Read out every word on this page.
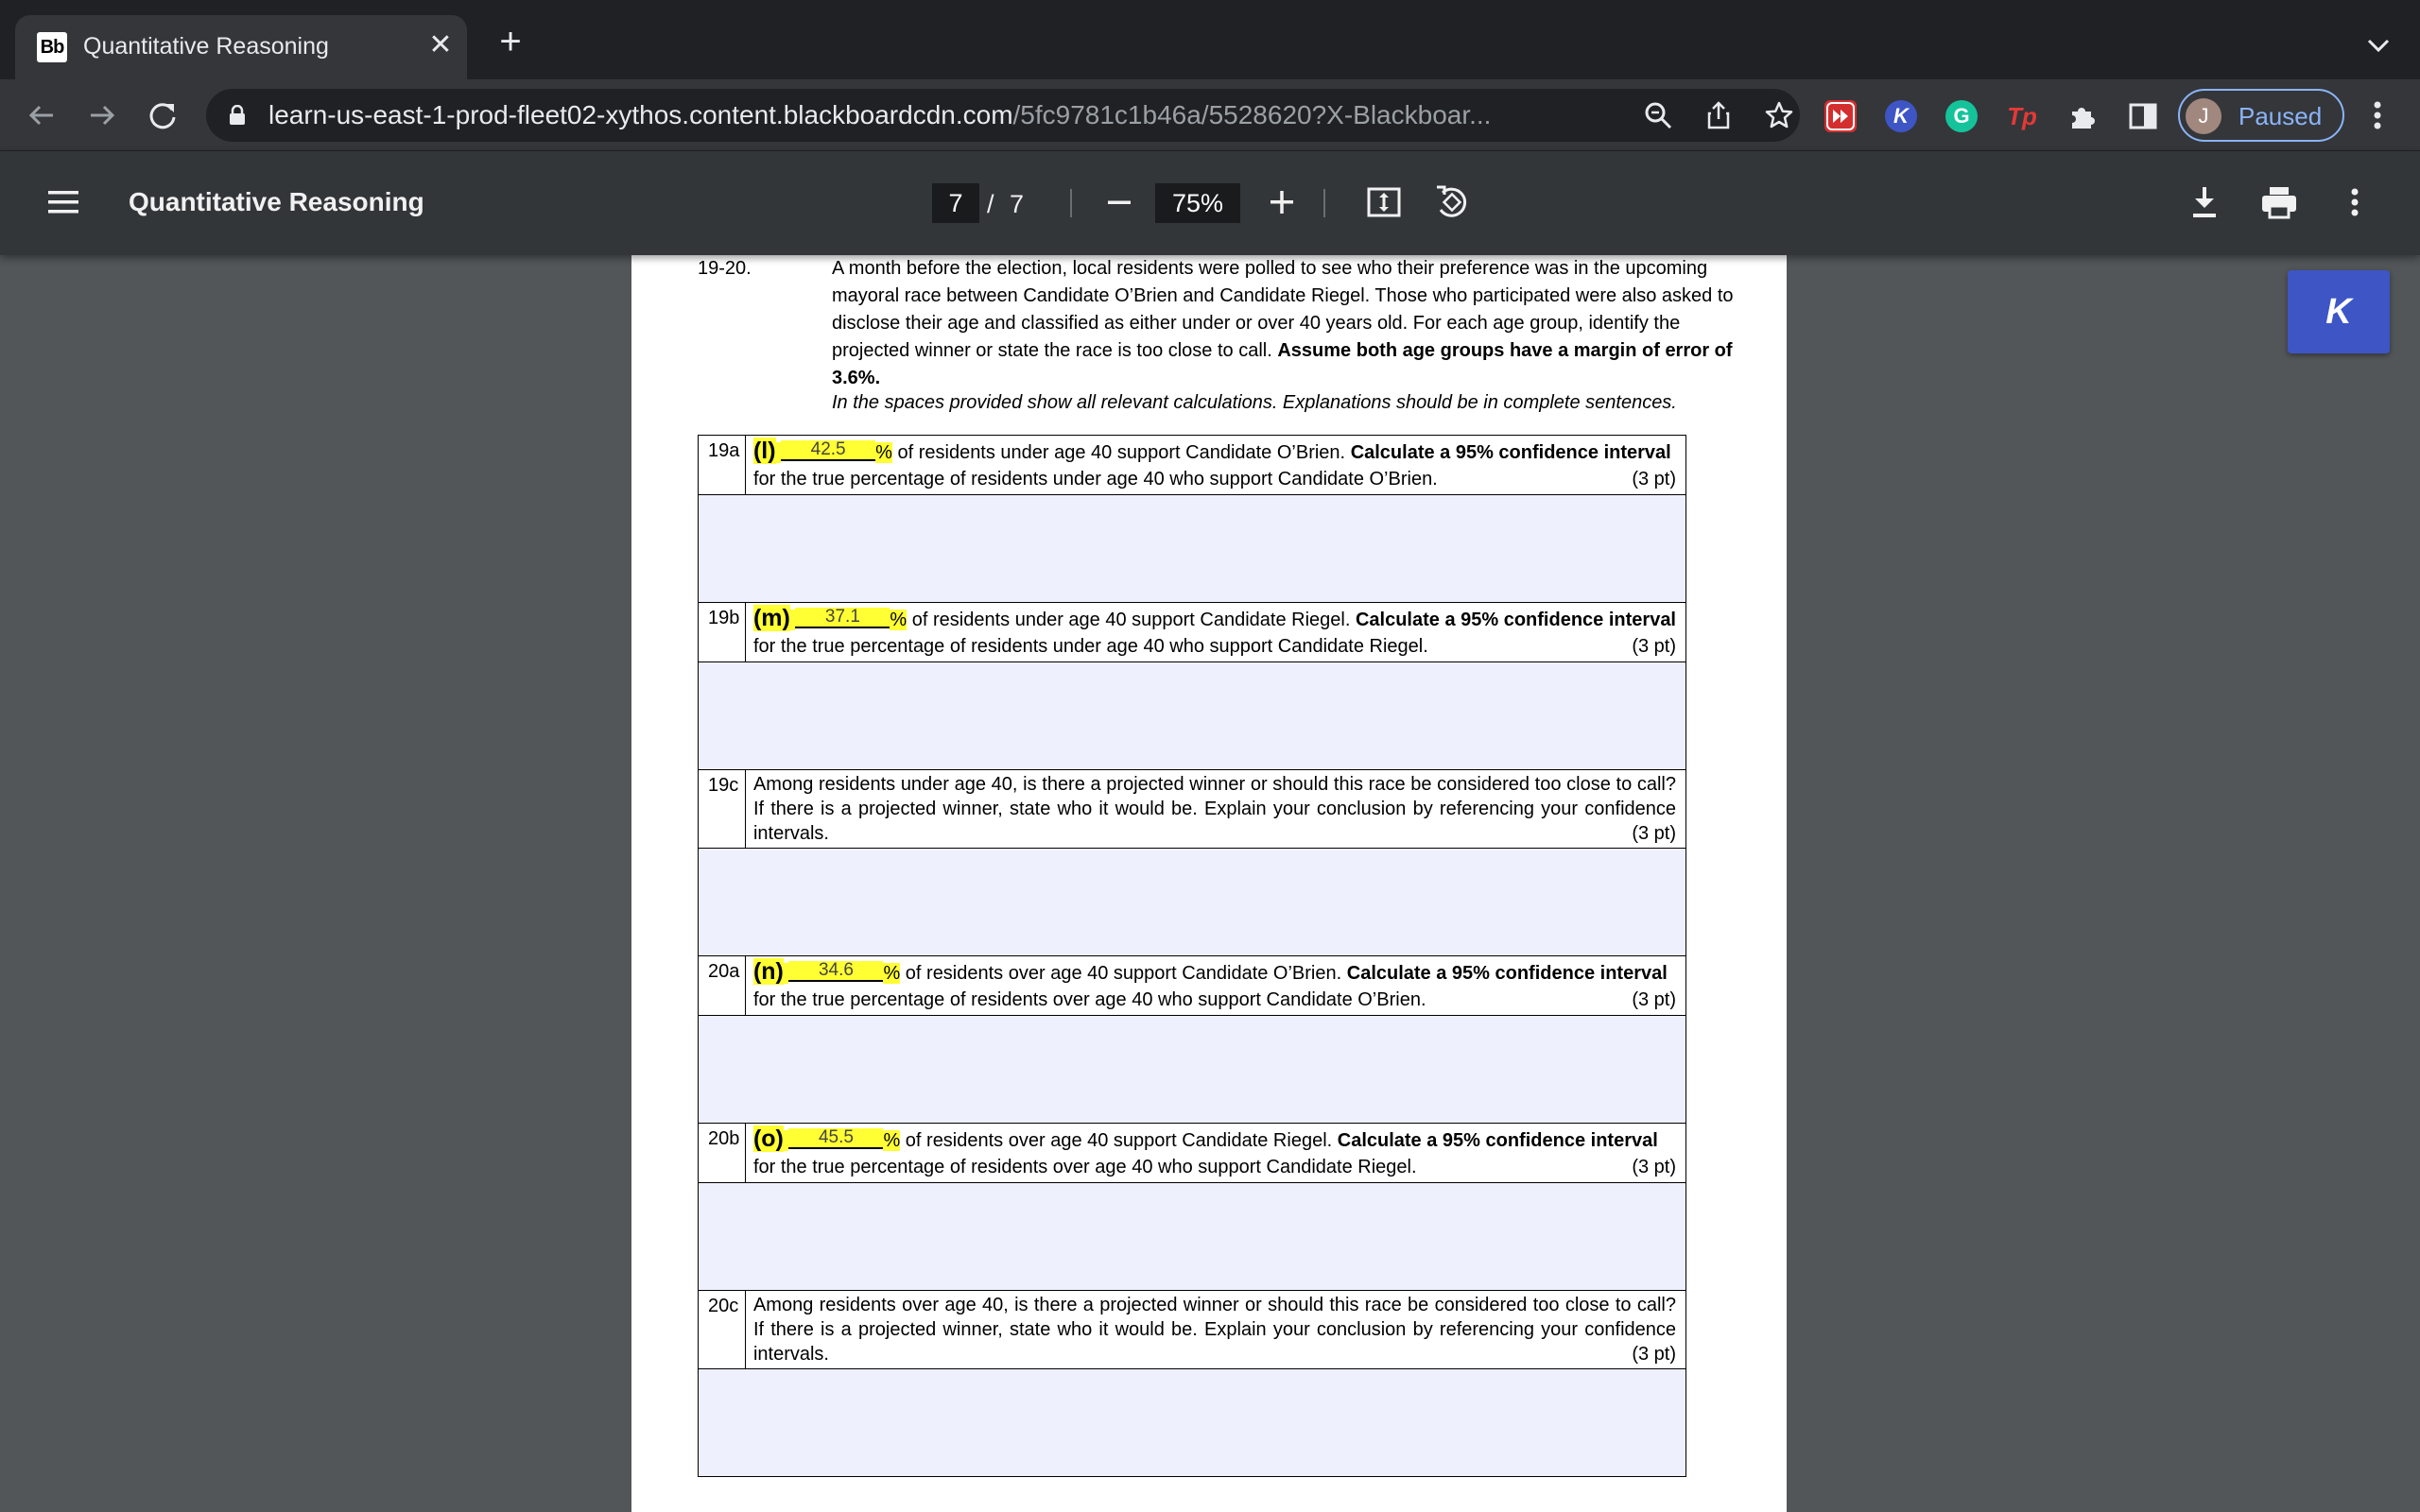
Bb Quantitative Reasoning	✕ +
learn-us-east-1-prod-fleet02-xythos.content.blackboardcdn.com/5fc9781c1b46a/5528620?X-Blackboar...	K	G	Tp	J	Paused
Quantitative Reasoning	7 / 7	75%
19-20.	A month before the election, local residents were polled to see who their preference was in the upcoming mayoral race between Candidate O’Brien and Candidate Riegel. Those who participated were also asked to disclose their age and classified as either under or over 40 years old. For each age group, identify the projected winner or state the race is too close to call. Assume both age groups have a margin of error of 3.6%.
In the spaces provided show all relevant calculations. Explanations should be in complete sentences.
19a	(l) 42.5 % of residents under age 40 support Candidate O’Brien. Calculate a 95% confidence interval
for the true percentage of residents under age 40 who support Candidate O’Brien. (3 pt)

19b	(m) 37.1 % of residents under age 40 support Candidate Riegel. Calculate a 95% confidence interval
for the true percentage of residents under age 40 who support Candidate Riegel. (3 pt)

19c	Among residents under age 40, is there a projected winner or should this race be considered too close to call? If there is a projected winner, state who it would be. Explain your conclusion by referencing your confidence intervals. (3 pt)

20a	(n) 34.6 % of residents over age 40 support Candidate O’Brien. Calculate a 95% confidence interval
for the true percentage of residents over age 40 who support Candidate O’Brien. (3 pt)

20b	(o) 45.5 % of residents over age 40 support Candidate Riegel. Calculate a 95% confidence interval
for the true percentage of residents over age 40 who support Candidate Riegel. (3 pt)

20c	Among residents over age 40, is there a projected winner or should this race be considered too close to call? If there is a projected winner, state who it would be. Explain your conclusion by referencing your confidence intervals. (3 pt)

K
